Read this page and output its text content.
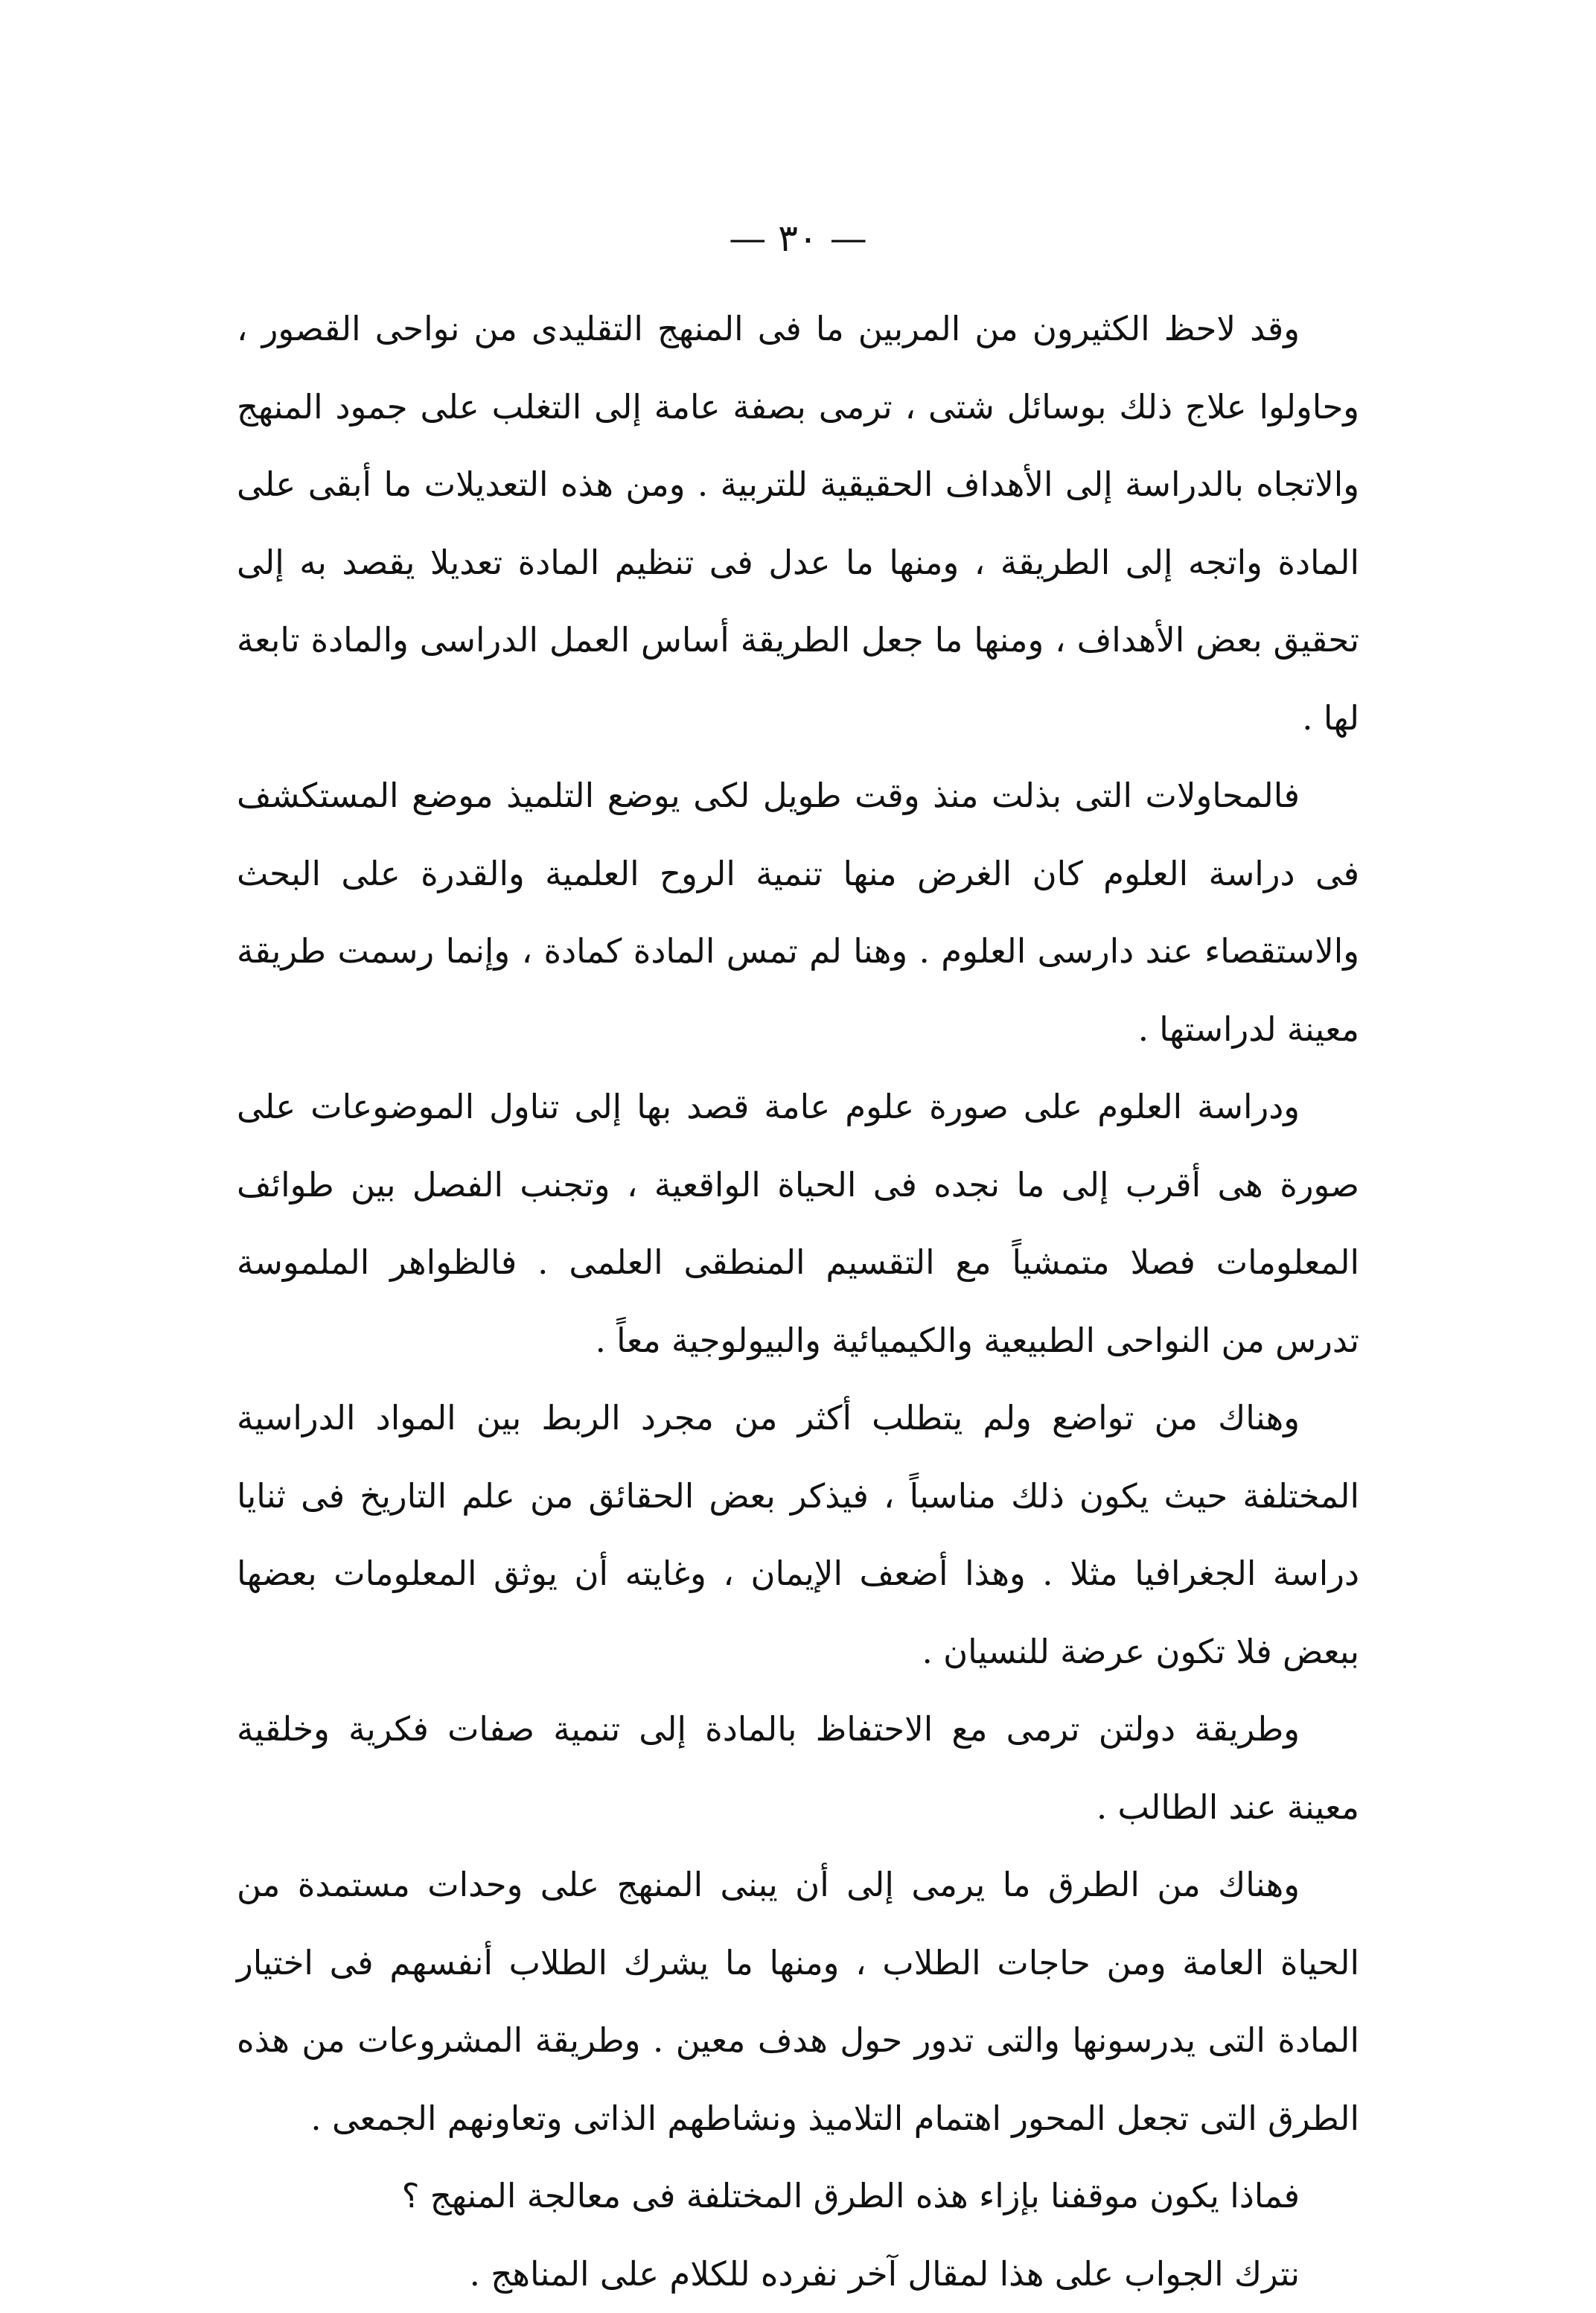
— ٣٠ —

وقد لاحظ الكثيرون من المربين ما فى المنهج التقليدى من نواحى القصور ، وحاولوا علاج ذلك بوسائل شتى ، ترمى بصفة عامة إلى التغلب على جمود المنهج والاتجاه بالدراسة إلى الأهداف الحقيقية للتربية . ومن هذه التعديلات ما أبقى على المادة واتجه إلى الطريقة ، ومنها ما عدل فى تنظيم المادة تعديلا يقصد به إلى تحقيق بعض الأهداف ، ومنها ما جعل الطريقة أساس العمل الدراسى والمادة تابعة لها .

فالمحاولات التى بذلت منذ وقت طويل لكى يوضع التلميذ موضع المستكشف فى دراسة العلوم كان الغرض منها تنمية الروح العلمية والقدرة على البحث والاستقصاء عند دارسى العلوم . وهنا لم تمس المادة كمادة ، وإنما رسمت طريقة معينة لدراستها .

ودراسة العلوم على صورة علوم عامة قصد بها إلى تناول الموضوعات على صورة هى أقرب إلى ما نجده فى الحياة الواقعية ، وتجنب الفصل بين طوائف المعلومات فصلا متمشياً مع التقسيم المنطقى العلمى . فالظواهر الملموسة تدرس من النواحى الطبيعية والكيميائية والبيولوجية معاً .

وهناك من تواضع ولم يتطلب أكثر من مجرد الربط بين المواد الدراسية المختلفة حيث يكون ذلك مناسباً ، فيذكر بعض الحقائق من علم التاريخ فى ثنايا دراسة الجغرافيا مثلا . وهذا أضعف الإيمان ، وغايته أن يوثق المعلومات بعضها ببعض فلا تكون عرضة للنسيان .

وطريقة دولتن ترمى مع الاحتفاظ بالمادة إلى تنمية صفات فكرية وخلقية معينة عند الطالب .

وهناك من الطرق ما يرمى إلى أن يبنى المنهج على وحدات مستمدة من الحياة العامة ومن حاجات الطلاب ، ومنها ما يشرك الطلاب أنفسهم فى اختيار المادة التى يدرسونها والتى تدور حول هدف معين . وطريقة المشروعات من هذه الطرق التى تجعل المحور اهتمام التلاميذ ونشاطهم الذاتى وتعاونهم الجمعى .

فماذا يكون موقفنا بإزاء هذه الطرق المختلفة فى معالجة المنهج ؟

نترك الجواب على هذا لمقال آخر نفرده للكلام على المناهج .
